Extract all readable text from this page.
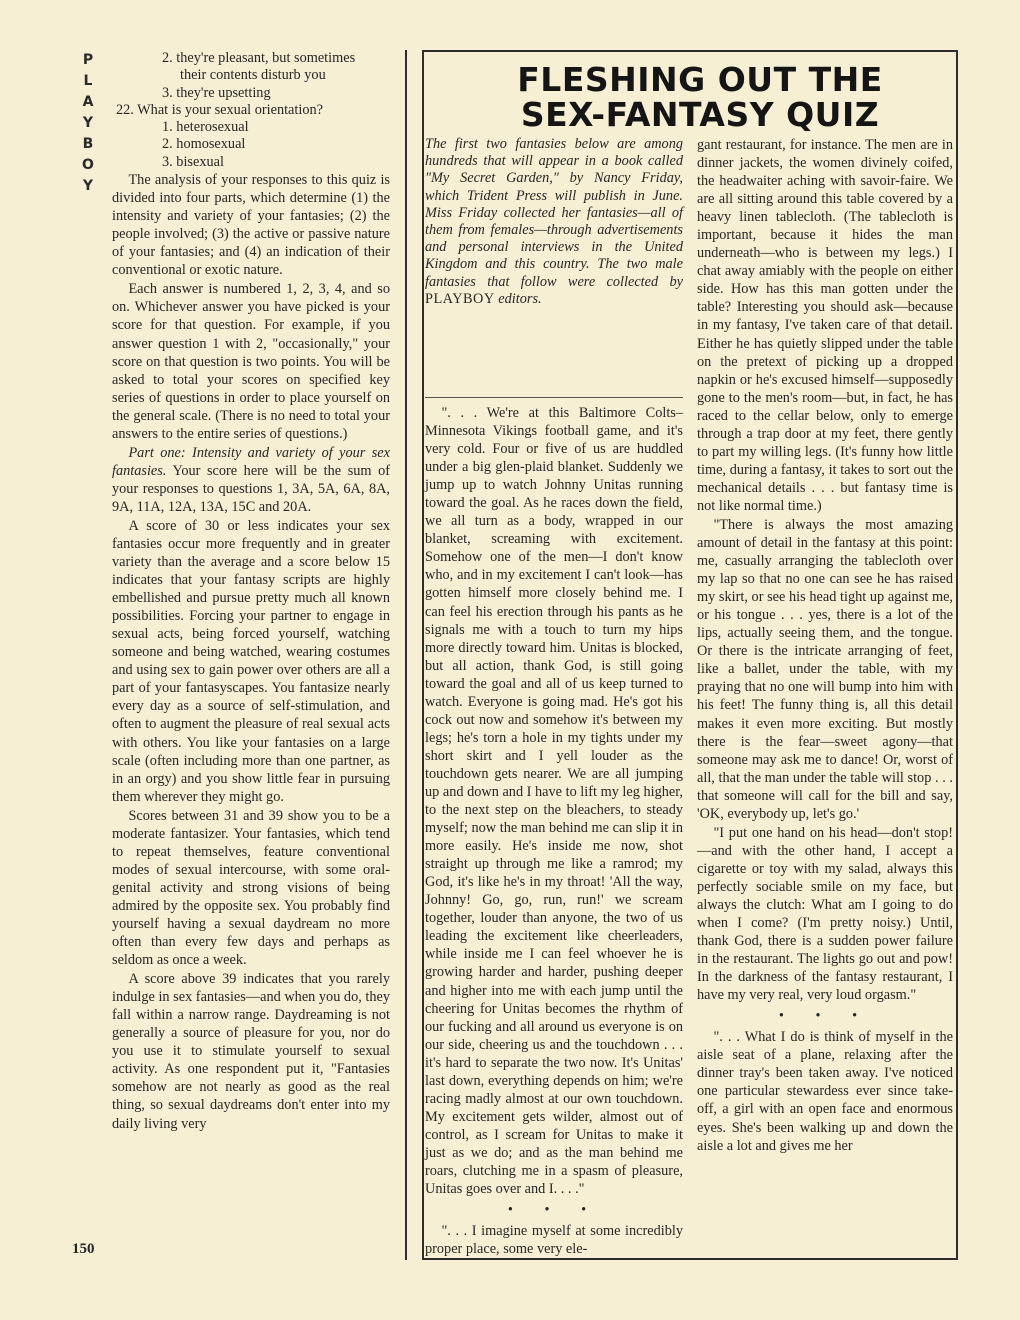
P
L
A
Y
B
O
Y
150
2. they're pleasant, but sometimes
their contents disturb you
3. they're upsetting
22. What is your sexual orientation?
1. heterosexual
2. homosexual
3. bisexual

The analysis of your responses to this quiz is divided into four parts, which determine (1) the intensity and variety of your fantasies; (2) the people involved; (3) the active or passive nature of your fantasies; and (4) an indication of their conventional or exotic nature.

Each answer is numbered 1, 2, 3, 4, and so on. Whichever answer you have picked is your score for that question. For example, if you answer question 1 with 2, "occasionally," your score on that question is two points. You will be asked to total your scores on specified key series of questions in order to place yourself on the general scale. (There is no need to total your answers to the entire series of questions.)

Part one: Intensity and variety of your sex fantasies. Your score here will be the sum of your responses to questions 1, 3A, 5A, 6A, 8A, 9A, 11A, 12A, 13A, 15C and 20A.

A score of 30 or less indicates your sex fantasies occur more frequently and in greater variety than the average and a score below 15 indicates that your fantasy scripts are highly embellished and pursue pretty much all known possibilities. Forcing your partner to engage in sexual acts, being forced yourself, watching someone and being watched, wearing costumes and using sex to gain power over others are all a part of your fantasyscapes. You fantasize nearly every day as a source of self-stimulation, and often to augment the pleasure of real sexual acts with others. You like your fantasies on a large scale (often including more than one partner, as in an orgy) and you show little fear in pursuing them wherever they might go.

Scores between 31 and 39 show you to be a moderate fantasizer. Your fantasies, which tend to repeat themselves, feature conventional modes of sexual intercourse, with some oral-genital activity and strong visions of being admired by the opposite sex. You probably find yourself having a sexual daydream no more often than every few days and perhaps as seldom as once a week.

A score above 39 indicates that you rarely indulge in sex fantasies—and when you do, they fall within a narrow range. Daydreaming is not generally a source of pleasure for you, nor do you use it to stimulate yourself to sexual activity. As one respondent put it, "Fantasies somehow are not nearly as good as the real thing, so sexual daydreams don't enter into my daily living very

FLESHING OUT THE
SEX-FANTASY QUIZ
The first two fantasies below are among hundreds that will appear in a book called "My Secret Garden," by Nancy Friday, which Trident Press will publish in June. Miss Friday collected her fantasies—all of them from females—through advertisements and personal interviews in the United Kingdom and this country. The two male fantasies that follow were collected by PLAYBOY editors.

". . . We're at this Baltimore Colts–Minnesota Vikings football game, and it's very cold. Four or five of us are huddled under a big glen-plaid blanket. Suddenly we jump up to watch Johnny Unitas running toward the goal. As he races down the field, we all turn as a body, wrapped in our blanket, screaming with excitement. Somehow one of the men—I don't know who, and in my excitement I can't look—has gotten himself more closely behind me. I can feel his erection through his pants as he signals me with a touch to turn my hips more directly toward him. Unitas is blocked, but all action, thank God, is still going toward the goal and all of us keep turned to watch. Everyone is going mad. He's got his cock out now and somehow it's between my legs; he's torn a hole in my tights under my short skirt and I yell louder as the touchdown gets nearer. We are all jumping up and down and I have to lift my leg higher, to the next step on the bleachers, to steady myself; now the man behind me can slip it in more easily. He's inside me now, shot straight up through me like a ramrod; my God, it's like he's in my throat! 'All the way, Johnny! Go, go, run, run!' we scream together, louder than anyone, the two of us leading the excitement like cheerleaders, while inside me I can feel whoever he is growing harder and harder, pushing deeper and higher into me with each jump until the cheering for Unitas becomes the rhythm of our fucking and all around us everyone is on our side, cheering us and the touchdown . . . it's hard to separate the two now. It's Unitas' last down, everything depends on him; we're racing madly almost at our own touchdown. My excitement gets wilder, almost out of control, as I scream for Unitas to make it just as we do; and as the man behind me roars, clutching me in a spasm of pleasure, Unitas goes over and I. . . ."

• • •

". . . I imagine myself at some incredibly proper place, some very ele-

gant restaurant, for instance. The men are in dinner jackets, the women divinely coifed, the headwaiter aching with savoir-faire. We are all sitting around this table covered by a heavy linen tablecloth. (The tablecloth is important, because it hides the man underneath—who is between my legs.) I chat away amiably with the people on either side. How has this man gotten under the table? Interesting you should ask—because in my fantasy, I've taken care of that detail. Either he has quietly slipped under the table on the pretext of picking up a dropped napkin or he's excused himself—supposedly gone to the men's room—but, in fact, he has raced to the cellar below, only to emerge through a trap door at my feet, there gently to part my willing legs. (It's funny how little time, during a fantasy, it takes to sort out the mechanical details . . . but fantasy time is not like normal time.)

"There is always the most amazing amount of detail in the fantasy at this point: me, casually arranging the tablecloth over my lap so that no one can see he has raised my skirt, or see his head tight up against me, or his tongue . . . yes, there is a lot of the lips, actually seeing them, and the tongue. Or there is the intricate arranging of feet, like a ballet, under the table, with my praying that no one will bump into him with his feet! The funny thing is, all this detail makes it even more exciting. But mostly there is the fear—sweet agony—that someone may ask me to dance! Or, worst of all, that the man under the table will stop . . . that someone will call for the bill and say, 'OK, everybody up, let's go.'

"I put one hand on his head—don't stop!—and with the other hand, I accept a cigarette or toy with my salad, always this perfectly sociable smile on my face, but always the clutch: What am I going to do when I come? (I'm pretty noisy.) Until, thank God, there is a sudden power failure in the restaurant. The lights go out and pow! In the darkness of the fantasy restaurant, I have my very real, very loud orgasm."

• • •

". . . What I do is think of myself in the aisle seat of a plane, relaxing after the dinner tray's been taken away. I've noticed one particular stewardess ever since take-off, a girl with an open face and enormous eyes. She's been walking up and down the aisle a lot and gives me her
